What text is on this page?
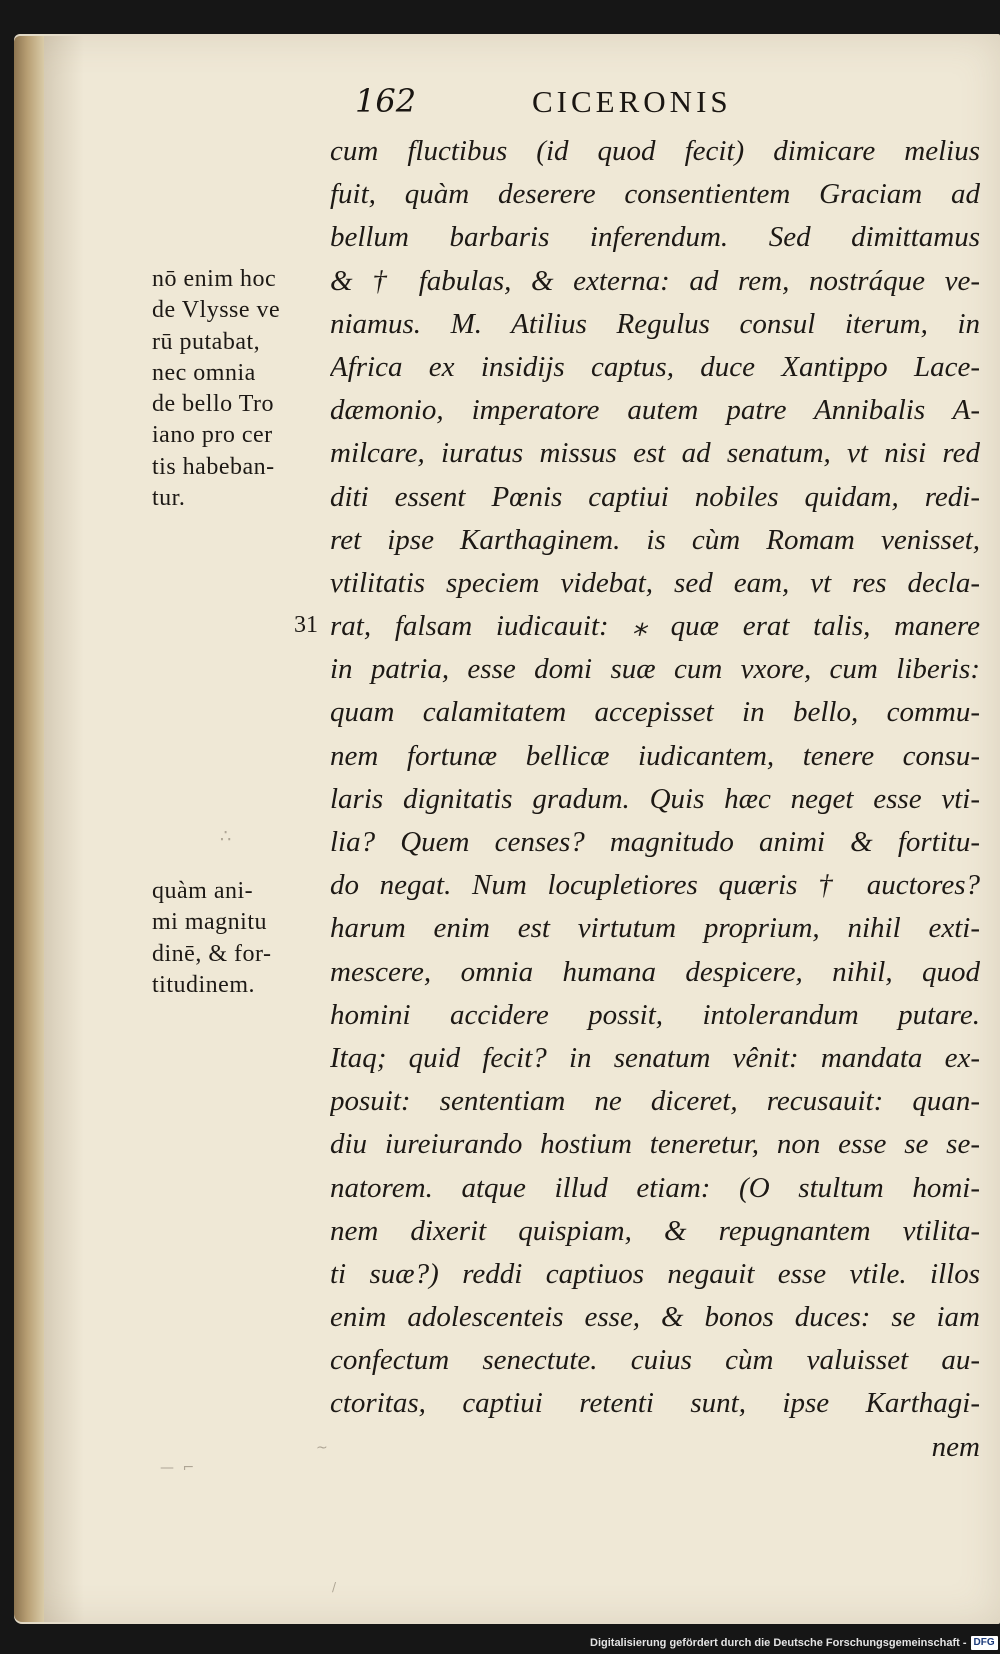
162	CICERONIS
nō enim hoc
de Vlysse ve
rū putabat,
nec omnia
de bello Tro
iano pro cer
tis habeban-
tur.
31
quàm ani-
mi magnitu
dinē, & for-
titudinem.
cum fluctibus (id quod fecit) dimicare melius
fuit, quàm deserere consentientem Graciam ad
bellum barbaris inferendum. Sed dimittamus
& † fabulas, & externa: ad rem, nostráque ve-
niamus. M. Atilius Regulus consul iterum, in
Africa ex insidijs captus, duce Xantippo Lace-
dæmonio, imperatore autem patre Annibalis A-
milcare, iuratus missus est ad senatum, vt nisi red
diti essent Pœnis captiui nobiles quidam, redi-
ret ipse Karthaginem. is cùm Romam venisset,
vtilitatis speciem videbat, sed eam, vt res decla-
rat, falsam iudicauit: ⁎ quæ erat talis, manere
in patria, esse domi suæ cum vxore, cum liberis:
quam calamitatem accepisset in bello, commu-
nem fortunæ bellicæ iudicantem, tenere consu-
laris dignitatis gradum. Quis hæc neget esse vti-
lia? Quem censes? magnitudo animi & fortitu-
do negat. Num locupletiores quæris † auctores?
harum enim est virtutum proprium, nihil exti-
mescere, omnia humana despicere, nihil, quod
homini accidere possit, intolerandum putare.
Itaq; quid fecit? in senatum vênit: mandata ex-
posuit: sententiam ne diceret, recusauit: quan-
diu iureiurando hostium teneretur, non esse se se-
natorem. atque illud etiam: (O stultum homi-
nem dixerit quispiam, & repugnantem vtilita-
ti suæ?) reddi captiuos negauit esse vtile. illos
enim adolescenteis esse, & bonos duces: se iam
confectum senectute. cuius cùm valuisset au-
ctoritas, captiui retenti sunt, ipse Karthagi-
nem
∴
— ⌐
~
/
Digitalisierung gefördert durch die Deutsche Forschungsgemeinschaft - DFG
